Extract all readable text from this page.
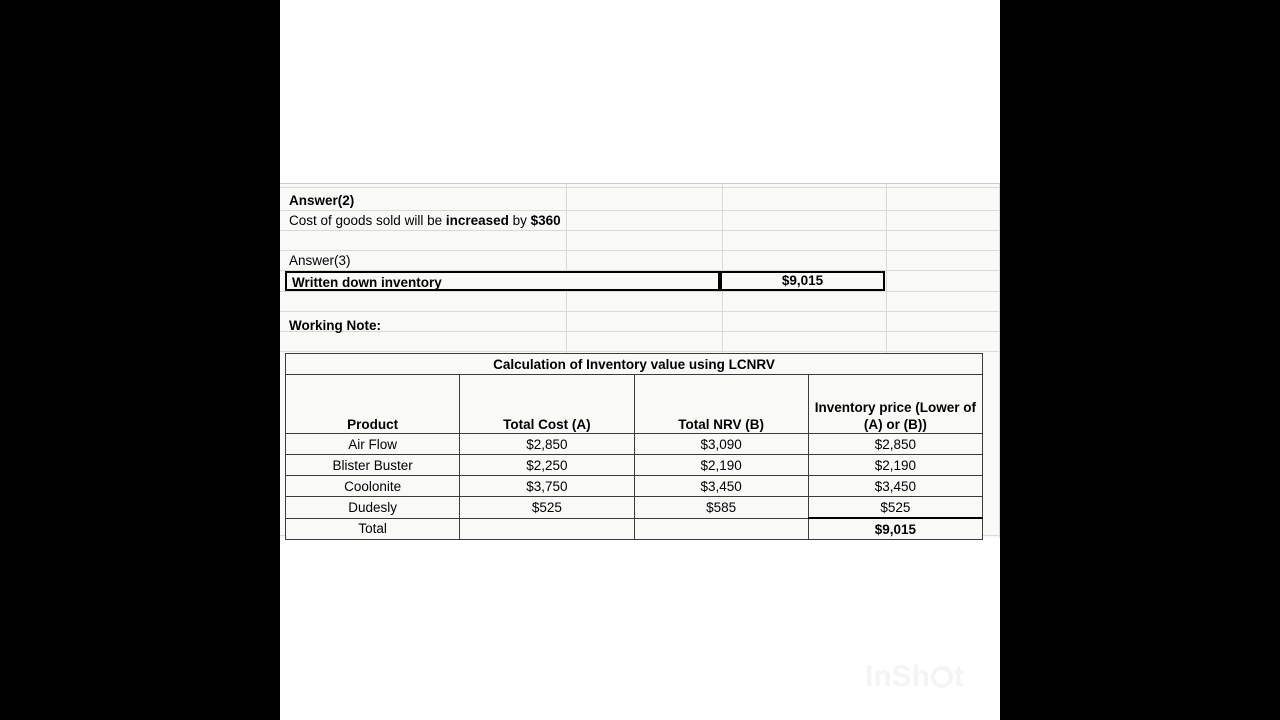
Answer(2)
Cost of goods sold will be increased by $360
Answer(3)
Written down inventory	$9,015
Working Note:
Calculation of Inventory value using LCNRV			
Product	Total Cost (A)	Total NRV (B)	Inventory price (Lower of (A) or (B))
Air Flow	$2,850	$3,090	$2,850
Blister Buster	$2,250	$2,190	$2,190
Coolonite	$3,750	$3,450	$3,450
Dudesly	$525	$585	$525
Total			$9,015
InSh t
